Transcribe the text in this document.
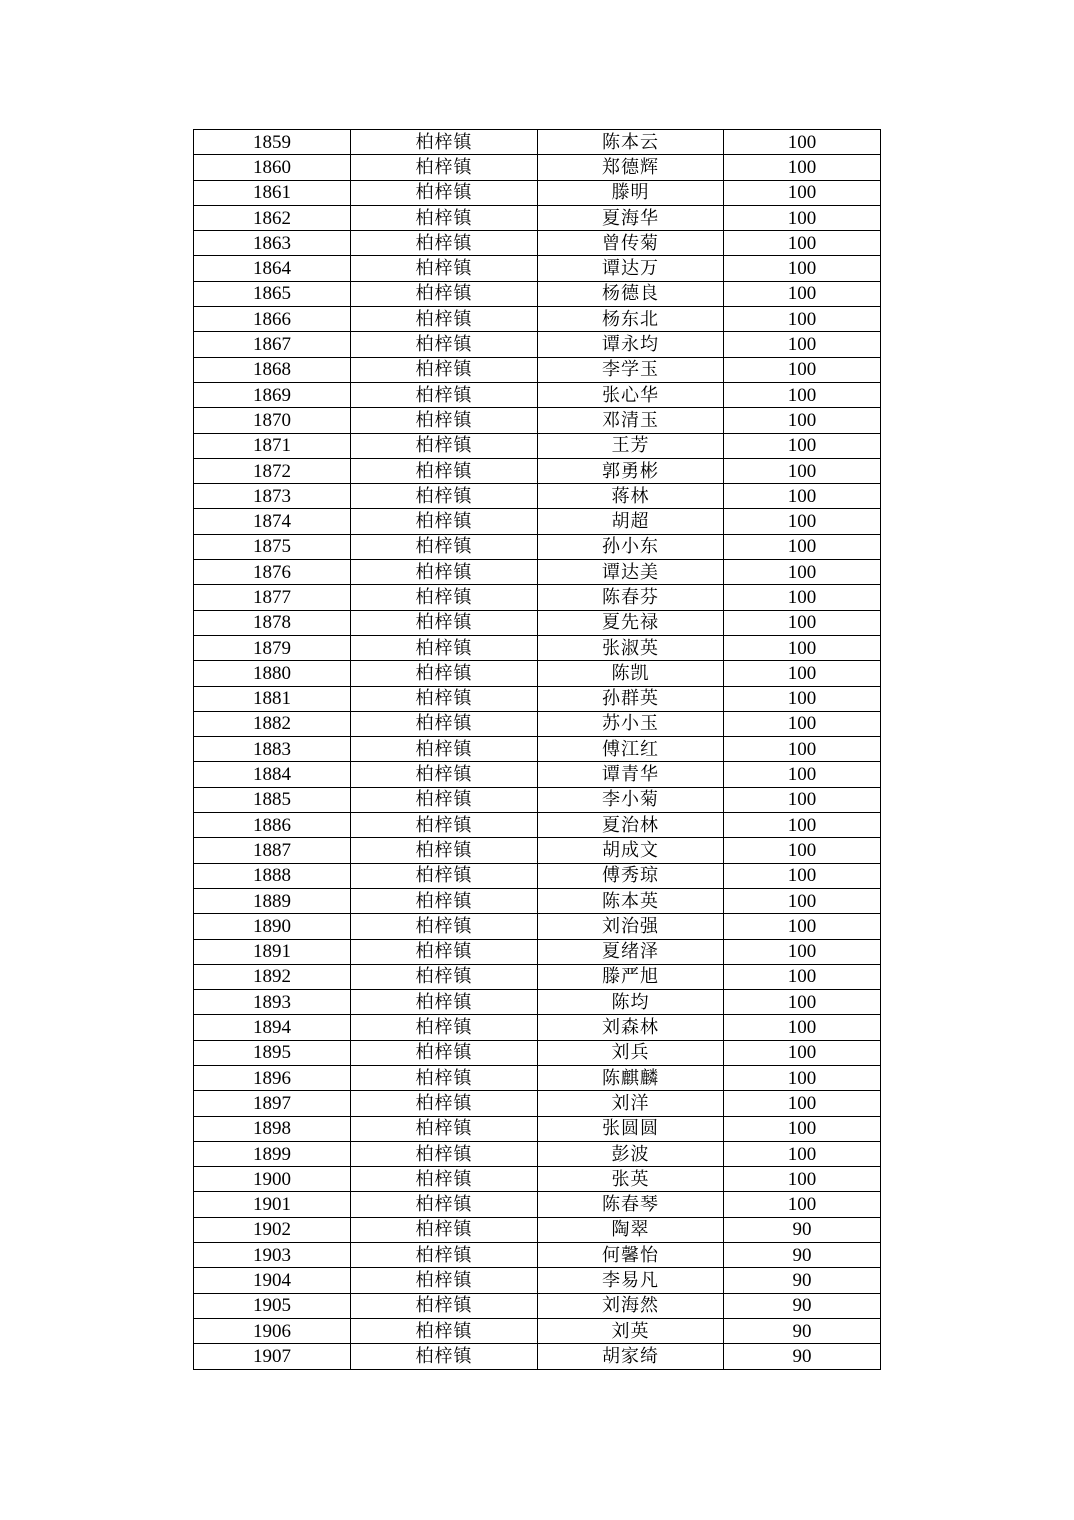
1859	柏梓镇	陈本云	100
1860	柏梓镇	郑德辉	100
1861	柏梓镇	滕明	100
1862	柏梓镇	夏海华	100
1863	柏梓镇	曾传菊	100
1864	柏梓镇	谭达万	100
1865	柏梓镇	杨德良	100
1866	柏梓镇	杨东北	100
1867	柏梓镇	谭永均	100
1868	柏梓镇	李学玉	100
1869	柏梓镇	张心华	100
1870	柏梓镇	邓清玉	100
1871	柏梓镇	王芳	100
1872	柏梓镇	郭勇彬	100
1873	柏梓镇	蒋林	100
1874	柏梓镇	胡超	100
1875	柏梓镇	孙小东	100
1876	柏梓镇	谭达美	100
1877	柏梓镇	陈春芬	100
1878	柏梓镇	夏先禄	100
1879	柏梓镇	张淑英	100
1880	柏梓镇	陈凯	100
1881	柏梓镇	孙群英	100
1882	柏梓镇	苏小玉	100
1883	柏梓镇	傅江红	100
1884	柏梓镇	谭青华	100
1885	柏梓镇	李小菊	100
1886	柏梓镇	夏治林	100
1887	柏梓镇	胡成文	100
1888	柏梓镇	傅秀琼	100
1889	柏梓镇	陈本英	100
1890	柏梓镇	刘治强	100
1891	柏梓镇	夏绪泽	100
1892	柏梓镇	滕严旭	100
1893	柏梓镇	陈均	100
1894	柏梓镇	刘森林	100
1895	柏梓镇	刘兵	100
1896	柏梓镇	陈麒麟	100
1897	柏梓镇	刘洋	100
1898	柏梓镇	张圆圆	100
1899	柏梓镇	彭波	100
1900	柏梓镇	张英	100
1901	柏梓镇	陈春琴	100
1902	柏梓镇	陶翠	90
1903	柏梓镇	何馨怡	90
1904	柏梓镇	李易凡	90
1905	柏梓镇	刘海然	90
1906	柏梓镇	刘英	90
1907	柏梓镇	胡家绮	90
